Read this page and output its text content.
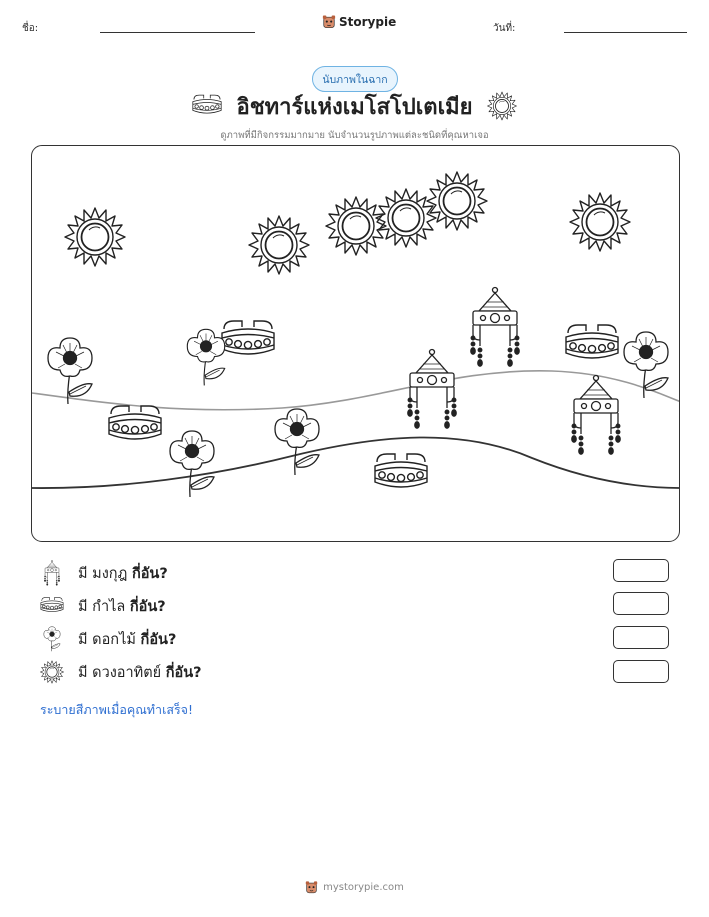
ชื่อ:	Storypie	วันที่:
นับภาพในฉาก
อิชทาร์แห่งเมโสโปเตเมีย
ดูภาพที่มีกิจกรรมมากมาย นับจำนวนรูปภาพแต่ละชนิดที่คุณหาเจอ
มี มงกุฎ กี่อัน?
มี กำไล กี่อัน?
มี ดอกไม้ กี่อัน?
มี ดวงอาทิตย์ กี่อัน?
ระบายสีภาพเมื่อคุณทำเสร็จ!
mystorypie.com
